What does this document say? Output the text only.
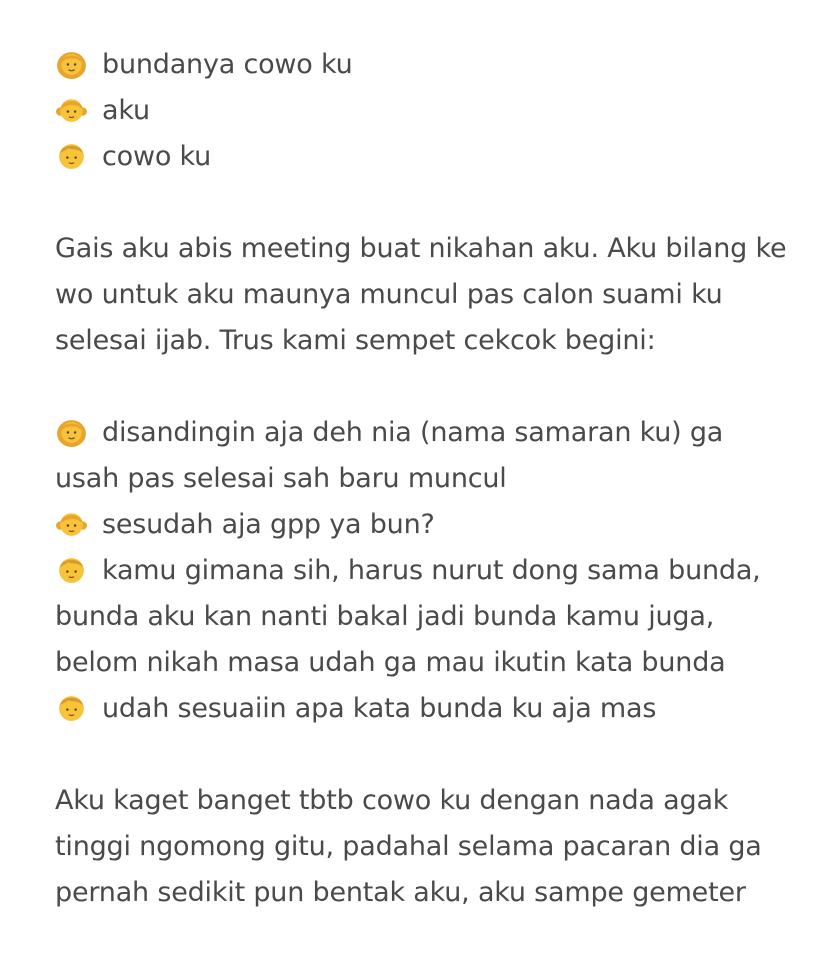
bundanya cowo ku
aku
cowo ku
Gais aku abis meeting buat nikahan aku. Aku bilang ke
wo untuk aku maunya muncul pas calon suami ku
selesai ijab. Trus kami sempet cekcok begini:
disandingin aja deh nia (nama samaran ku) ga
usah pas selesai sah baru muncul
sesudah aja gpp ya bun?
kamu gimana sih, harus nurut dong sama bunda,
bunda aku kan nanti bakal jadi bunda kamu juga,
belom nikah masa udah ga mau ikutin kata bunda
udah sesuaiin apa kata bunda ku aja mas
Aku kaget banget tbtb cowo ku dengan nada agak
tinggi ngomong gitu, padahal selama pacaran dia ga
pernah sedikit pun bentak aku, aku sampe gemeter
